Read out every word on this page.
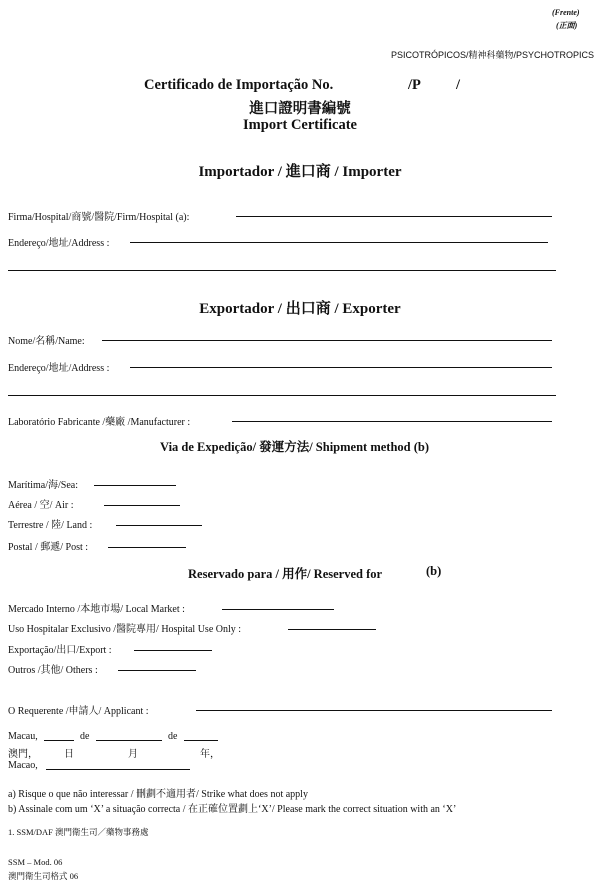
(Frente)
(正面)
PSICOTRÓPICOS/精神科藥物/PSYCHOTROPICS
Certificado de Importação No.	/P /
進口證明書編號
Import Certificate
Importador / 進口商 / Importer
Firma/Hospital/商號/醫院/Firm/Hospital (a):
Endereço/地址/Address :
Exportador / 出口商 / Exporter
Nome/名稱/Name:
Endereço/地址/Address :
Laboratório Fabricante /藥廠 /Manufacturer :
Via de Expedição/ 發運方法/ Shipment method (b)
Marítima/海/Sea:
Aérea / 空/ Air :
Terrestre / 陸/ Land :
Postal / 郵遞/ Post :
Reservado para / 用作/ Reserved for	(b)
Mercado Interno /本地市場/ Local Market :
Uso Hospitalar Exclusivo /醫院專用/ Hospital Use Only :
Exportação/出口/Export :
Outros /其他/ Others :
O Requerente /申請人/ Applicant :
Macau,	de	de
澳門，	日	月	年，
Macao,
a) Risque o que não interessar / 刪劃不適用者/ Strike what does not apply
b) Assinale com um ‘X’ a situação correcta / 在正確位置劃上‘X’/ Please mark the correct situation with an ‘X’
1. SSM/DAF 澳門衛生司／藥物事務處
SSM – Mod. 06
澳門衛生司格式 06
